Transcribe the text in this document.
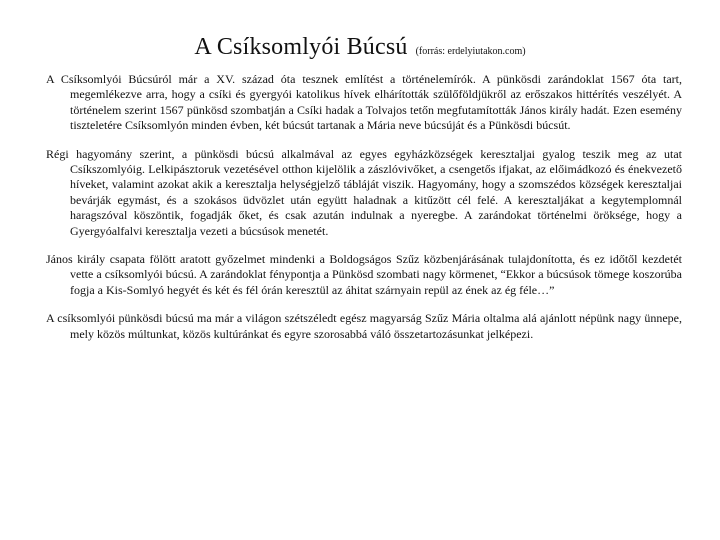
A Csíksomlyói Búcsú (forrás: erdelyiutakon.com)

A Csíksomlyói Búcsúról már a XV. század óta tesznek említést a történelemírók. A pünkösdi zarándoklat 1567 óta tart, megemlékezve arra, hogy a csíki és gyergyói katolikus hívek elhárították szülőföldjükről az erőszakos hittérítés veszélyét. A történelem szerint 1567 pünkösd szombatján a Csíki hadak a Tolvajos tetőn megfutamították János király hadát. Ezen esemény tiszteletére Csíksomlyón minden évben, két búcsút tartanak a Mária neve búcsúját és a Pünkösdi búcsút.

Régi hagyomány szerint, a pünkösdi búcsú alkalmával az egyes egyházközségek keresztaljai gyalog teszik meg az utat Csíkszomlyóig. Lelkipásztoruk vezetésével otthon kijelölik a zászlóvivőket, a csengetős ifjakat, az előimádkozó és énekvezető híveket, valamint azokat akik a keresztalja helységjelző tábláját viszik. Hagyomány, hogy a szomszédos községek keresztaljai bevárják egymást, és a szokásos üdvözlet után együtt haladnak a kitűzött cél felé. A keresztaljákat a kegytemplomnál haragszóval köszöntik, fogadják őket, és csak azután indulnak a nyeregbe. A zarándokat történelmi öröksége, hogy a Gyergyóalfalvi keresztalja vezeti a búcsúsok menetét.

János király csapata fölött aratott győzelmet mindenki a Boldogságos Szűz közbenjárásának tulajdonította, és ez időtől kezdetét vette a csíksomlyói búcsú. A zarándoklat fénypontja a Pünkösd szombati nagy körmenet, “Ekkor a búcsúsok tömege koszorúba fogja a Kis-Somlyó hegyét és két és fél órán keresztül az áhitat szárnyain repül az ének az ég féle…”

A csíksomlyói pünkösdi búcsú ma már a világon szétszéledt egész magyarság Szűz Mária oltalma alá ajánlott népünk nagy ünnepe, mely közös múltunkat, közös kultúránkat és egyre szorosabbá váló összetartozásunkat jelképezi.
